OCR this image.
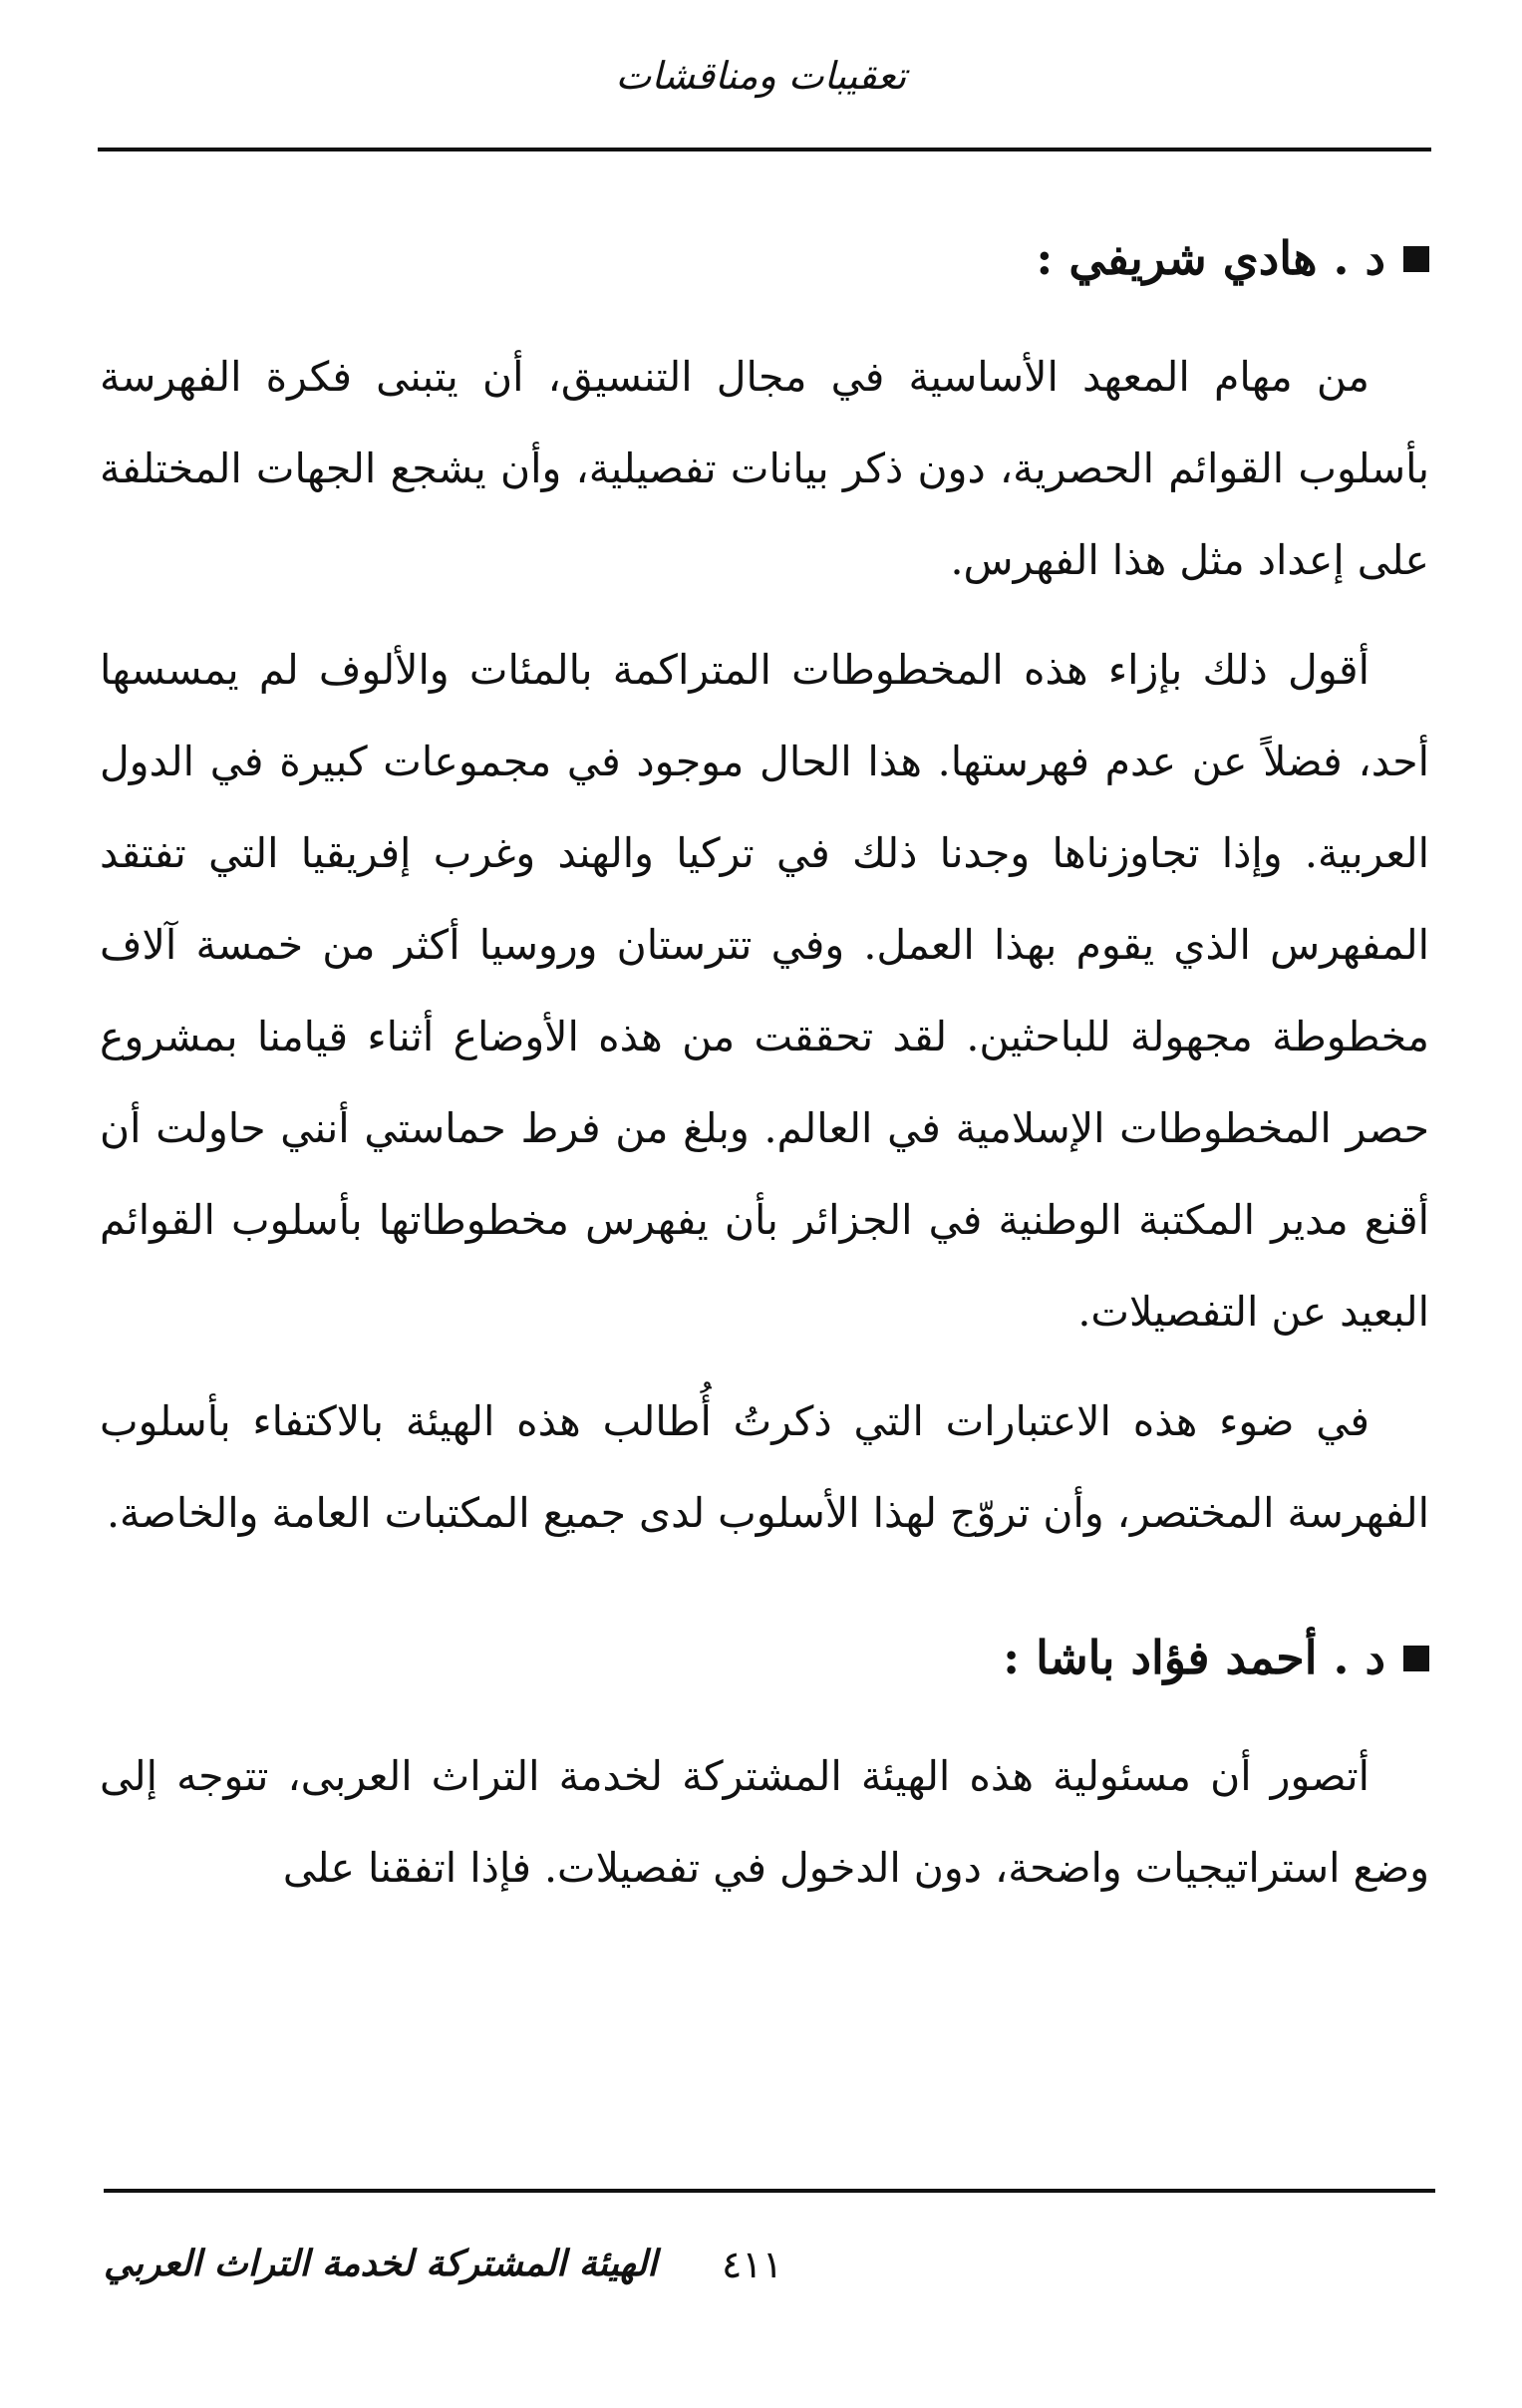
تعقيبات ومناقشات
د . هادي شريفي :

من مهام المعهد الأساسية في مجال التنسيق، أن يتبنى فكرة الفهرسة بأسلوب القوائم الحصرية، دون ذكر بيانات تفصيلية، وأن يشجع الجهات المختلفة على إعداد مثل هذا الفهرس.

أقول ذلك بإزاء هذه المخطوطات المتراكمة بالمئات والألوف لم يمسسها أحد، فضلاً عن عدم فهرستها. هذا الحال موجود في مجموعات كبيرة في الدول العربية. وإذا تجاوزناها وجدنا ذلك في تركيا والهند وغرب إفريقيا التي تفتقد المفهرس الذي يقوم بهذا العمل. وفي تترستان وروسيا أكثر من خمسة آلاف مخطوطة مجهولة للباحثين. لقد تحققت من هذه الأوضاع أثناء قيامنا بمشروع حصر المخطوطات الإسلامية في العالم. وبلغ من فرط حماستي أنني حاولت أن أقنع مدير المكتبة الوطنية في الجزائر بأن يفهرس مخطوطاتها بأسلوب القوائم البعيد عن التفصيلات.

في ضوء هذه الاعتبارات التي ذكرتُ أُطالب هذه الهيئة بالاكتفاء بأسلوب الفهرسة المختصر، وأن تروّج لهذا الأسلوب لدى جميع المكتبات العامة والخاصة.

د . أحمد فؤاد باشا :

أتصور أن مسئولية هذه الهيئة المشتركة لخدمة التراث العربى، تتوجه إلى وضع استراتيجيات واضحة، دون الدخول في تفصيلات. فإذا اتفقنا على

٤١١
الهيئة المشتركة لخدمة التراث العربي
